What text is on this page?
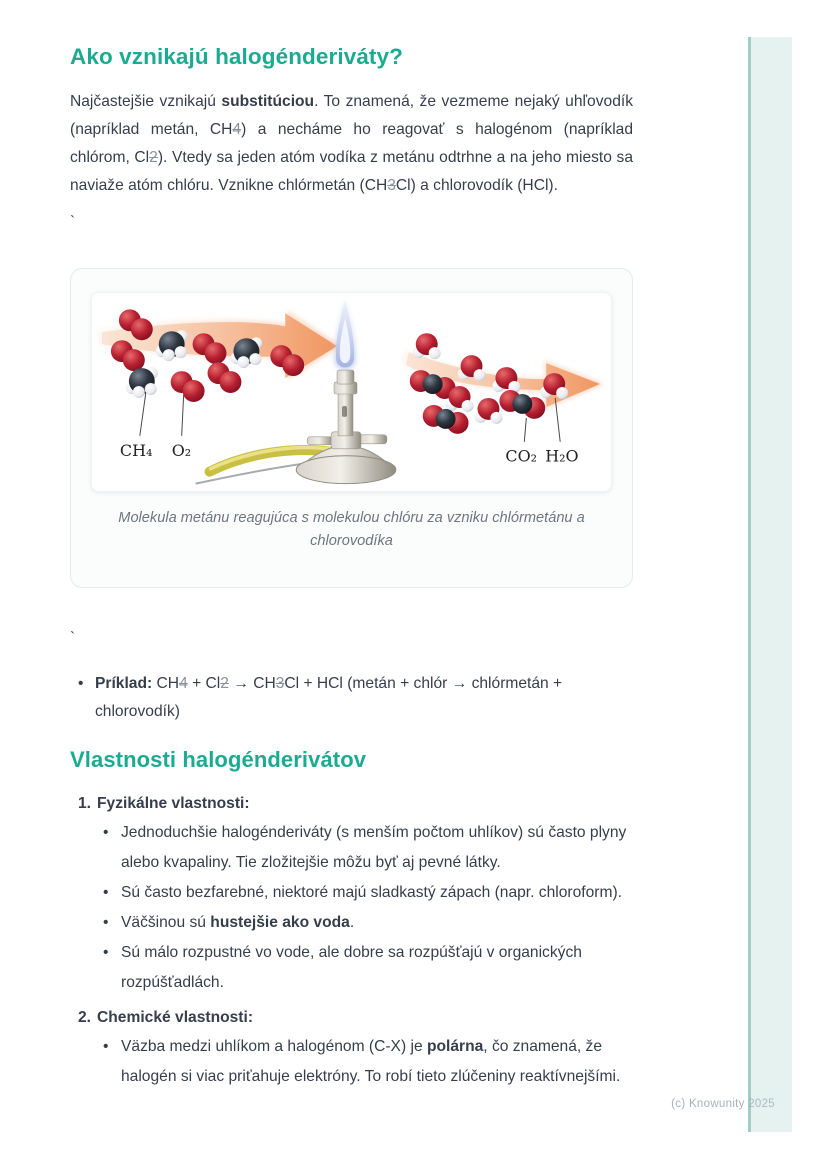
Ako vznikajú halogénderiváty?

Najčastejšie vznikajú substitúciou. To znamená, že vezmeme nejaký uhľovodík (napríklad metán, CH4) a necháme ho reagovať s halogénom (napríklad chlórom, Cl2). Vtedy sa jeden atóm vodíka z metánu odtrhne a na jeho miesto sa naviaže atóm chlóru. Vznikne chlórmetán (CH3Cl) a chlorovodík (HCl).

`
CH₄ O₂	CO₂ H₂O
Molekula metánu reagujúca s molekulou chlóru za vzniku chlórmetánu a chlorovodíka
`
• Príklad: CH4 + Cl2 → CH3Cl + HCl (metán + chlór → chlórmetán + chlorovodík)
Vlastnosti halogénderivátov
1. Fyzikálne vlastnosti:
• Jednoduchšie halogénderiváty (s menším počtom uhlíkov) sú často plyny alebo kvapaliny. Tie zložitejšie môžu byť aj pevné látky.
• Sú často bezfarebné, niektoré majú sladkastý zápach (napr. chloroform).
• Väčšinou sú hustejšie ako voda.
• Sú málo rozpustné vo vode, ale dobre sa rozpúšťajú v organických rozpúšťadlách.
2. Chemické vlastnosti:
• Väzba medzi uhlíkom a halogénom (C-X) je polárna, čo znamená, že halogén si viac priťahuje elektróny. To robí tieto zlúčeniny reaktívnejšími.
(c) Knowunity 2025
